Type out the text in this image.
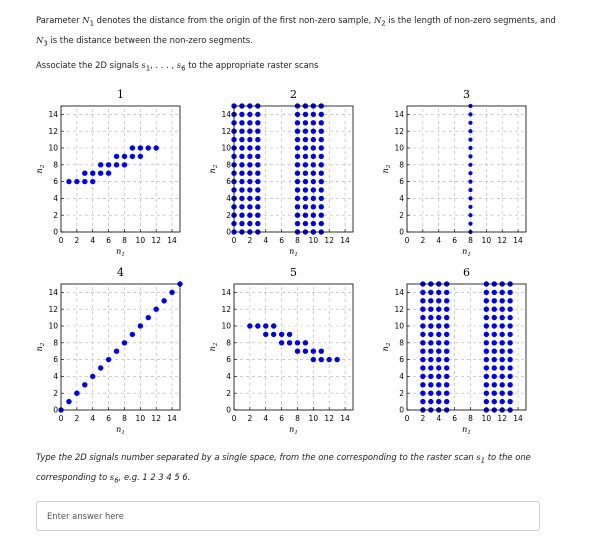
Parameter $N_1$ denotes the distance from the origin of the first non-zero sample, $N_2$ is the length of non-zero segments, and $N_3$ is the distance between the non-zero segments.
Associate the 2D signals $s_1$, . . . , $s_6$ to the appropriate raster scans
1
0 2 4 6 8 10 12 14
0
2
4
6
8
10
12
14
$n_1$
$n_2$
2
0 2 4 6 8 10 12 14
0
2
4
6
8
10
12
14
$n_1$
$n_2$
3
0 2 4 6 8 10 12 14
0
2
4
6
8
10
12
14
$n_1$
$n_2$
4
0 2 4 6 8 10 12 14
0
2
4
6
8
10
12
14
$n_1$
$n_2$
5
0 2 4 6 8 10 12 14
0
2
4
6
8
10
12
14
$n_1$
$n_2$
6
0 2 4 6 8 10 12 14
0
2
4
6
8
10
12
14
$n_1$
$n_2$
Type the 2D signals number separated by a single space, from the one corresponding to the raster scan $s_1$ to the one corresponding to $s_6$, e.g. 1 2 3 4 5 6.
Enter answer here
